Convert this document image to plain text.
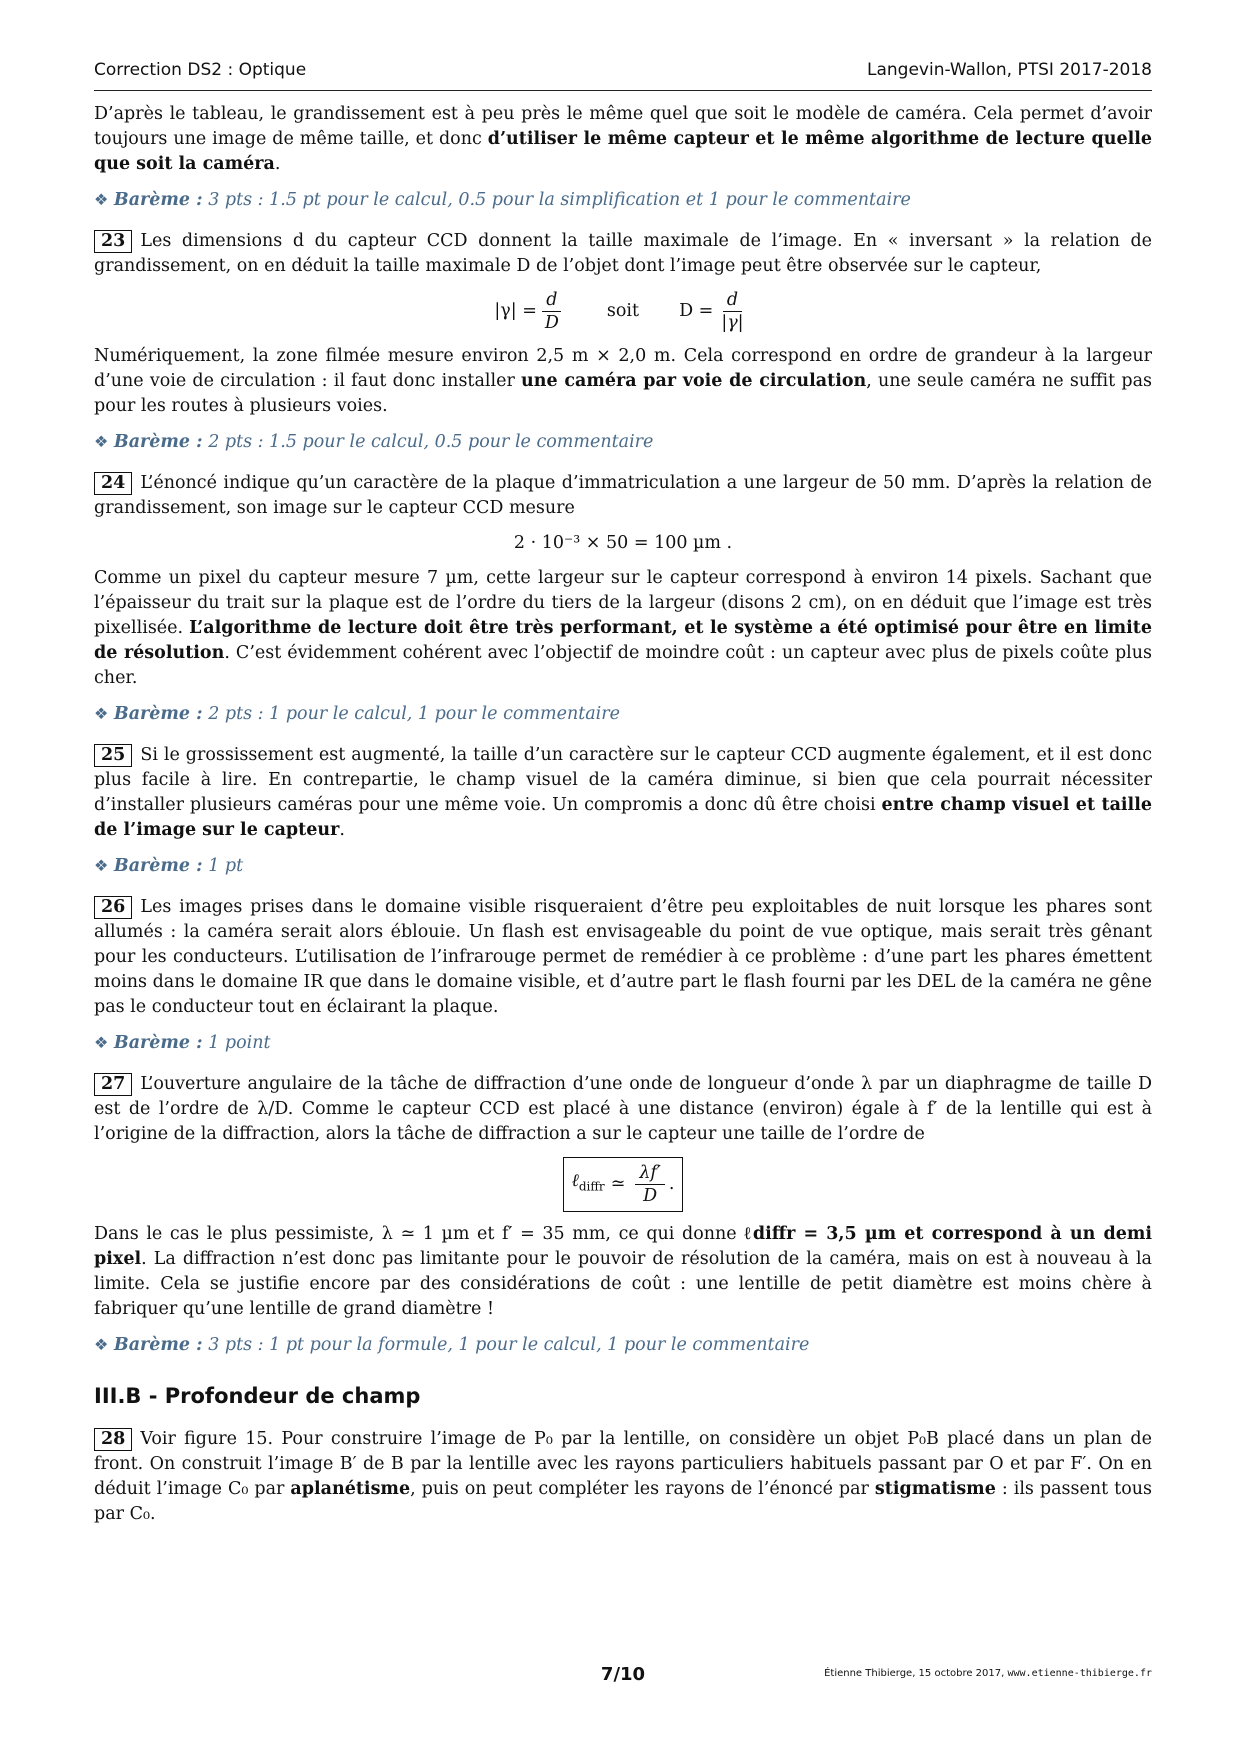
Correction DS2 : Optique	Langevin-Wallon, PTSI 2017-2018

D’après le tableau, le grandissement est à peu près le même quel que soit le modèle de caméra. Cela permet d’avoir toujours une image de même taille, et donc d’utiliser le même capteur et le même algorithme de lecture quelle que soit la caméra.

❖ Barème : 3 pts : 1.5 pt pour le calcul, 0.5 pour la simplification et 1 pour le commentaire

23 Les dimensions d du capteur CCD donnent la taille maximale de l’image. En « inversant » la relation de grandissement, on en déduit la taille maximale D de l’objet dont l’image peut être observée sur le capteur,

$|\gamma| = \frac{d}{D}$	soit $D = \frac{d}{|\gamma|}$

Numériquement, la zone filmée mesure environ 2,5 m × 2,0 m. Cela correspond en ordre de grandeur à la largeur d’une voie de circulation : il faut donc installer une caméra par voie de circulation, une seule caméra ne suffit pas pour les routes à plusieurs voies.

❖ Barème : 2 pts : 1.5 pour le calcul, 0.5 pour le commentaire

24 L’énoncé indique qu’un caractère de la plaque d’immatriculation a une largeur de 50 mm. D’après la relation de grandissement, son image sur le capteur CCD mesure

2 · 10⁻³ × 50 = 100 µm .

Comme un pixel du capteur mesure 7 µm, cette largeur sur le capteur correspond à environ 14 pixels. Sachant que l’épaisseur du trait sur la plaque est de l’ordre du tiers de la largeur (disons 2 cm), on en déduit que l’image est très pixellisée. L’algorithme de lecture doit être très performant, et le système a été optimisé pour être en limite de résolution. C’est évidemment cohérent avec l’objectif de moindre coût : un capteur avec plus de pixels coûte plus cher.

❖ Barème : 2 pts : 1 pour le calcul, 1 pour le commentaire

25 Si le grossissement est augmenté, la taille d’un caractère sur le capteur CCD augmente également, et il est donc plus facile à lire. En contrepartie, le champ visuel de la caméra diminue, si bien que cela pourrait nécessiter d’installer plusieurs caméras pour une même voie. Un compromis a donc dû être choisi entre champ visuel et taille de l’image sur le capteur.

❖ Barème : 1 pt

26 Les images prises dans le domaine visible risqueraient d’être peu exploitables de nuit lorsque les phares sont allumés : la caméra serait alors éblouie. Un flash est envisageable du point de vue optique, mais serait très gênant pour les conducteurs. L’utilisation de l’infrarouge permet de remédier à ce problème : d’une part les phares émettent moins dans le domaine IR que dans le domaine visible, et d’autre part le flash fourni par les DEL de la caméra ne gêne pas le conducteur tout en éclairant la plaque.

❖ Barème : 1 point

27 L’ouverture angulaire de la tâche de diffraction d’une onde de longueur d’onde λ par un diaphragme de taille D est de l’ordre de λ/D. Comme le capteur CCD est placé à une distance (environ) égale à f′ de la lentille qui est à l’origine de la diffraction, alors la tâche de diffraction a sur le capteur une taille de l’ordre de

ℓ$_{diffr}$ ≃ $\frac{\lambda f'}{D}$ .

Dans le cas le plus pessimiste, λ ≃ 1 µm et f′ = 35 mm, ce qui donne ℓdiffr = 3,5 µm et correspond à un demi pixel. La diffraction n’est donc pas limitante pour le pouvoir de résolution de la caméra, mais on est à nouveau à la limite. Cela se justifie encore par des considérations de coût : une lentille de petit diamètre est moins chère à fabriquer qu’une lentille de grand diamètre !

❖ Barème : 3 pts : 1 pt pour la formule, 1 pour le calcul, 1 pour le commentaire
III.B - Profondeur de champ

28 Voir figure 15. Pour construire l’image de P₀ par la lentille, on considère un objet P₀B placé dans un plan de front. On construit l’image B′ de B par la lentille avec les rayons particuliers habituels passant par O et par F′. On en déduit l’image C₀ par aplanétisme, puis on peut compléter les rayons de l’énoncé par stigmatisme : ils passent tous par C₀.

7/10	Étienne Thibierge, 15 octobre 2017, www.etienne-thibierge.fr
